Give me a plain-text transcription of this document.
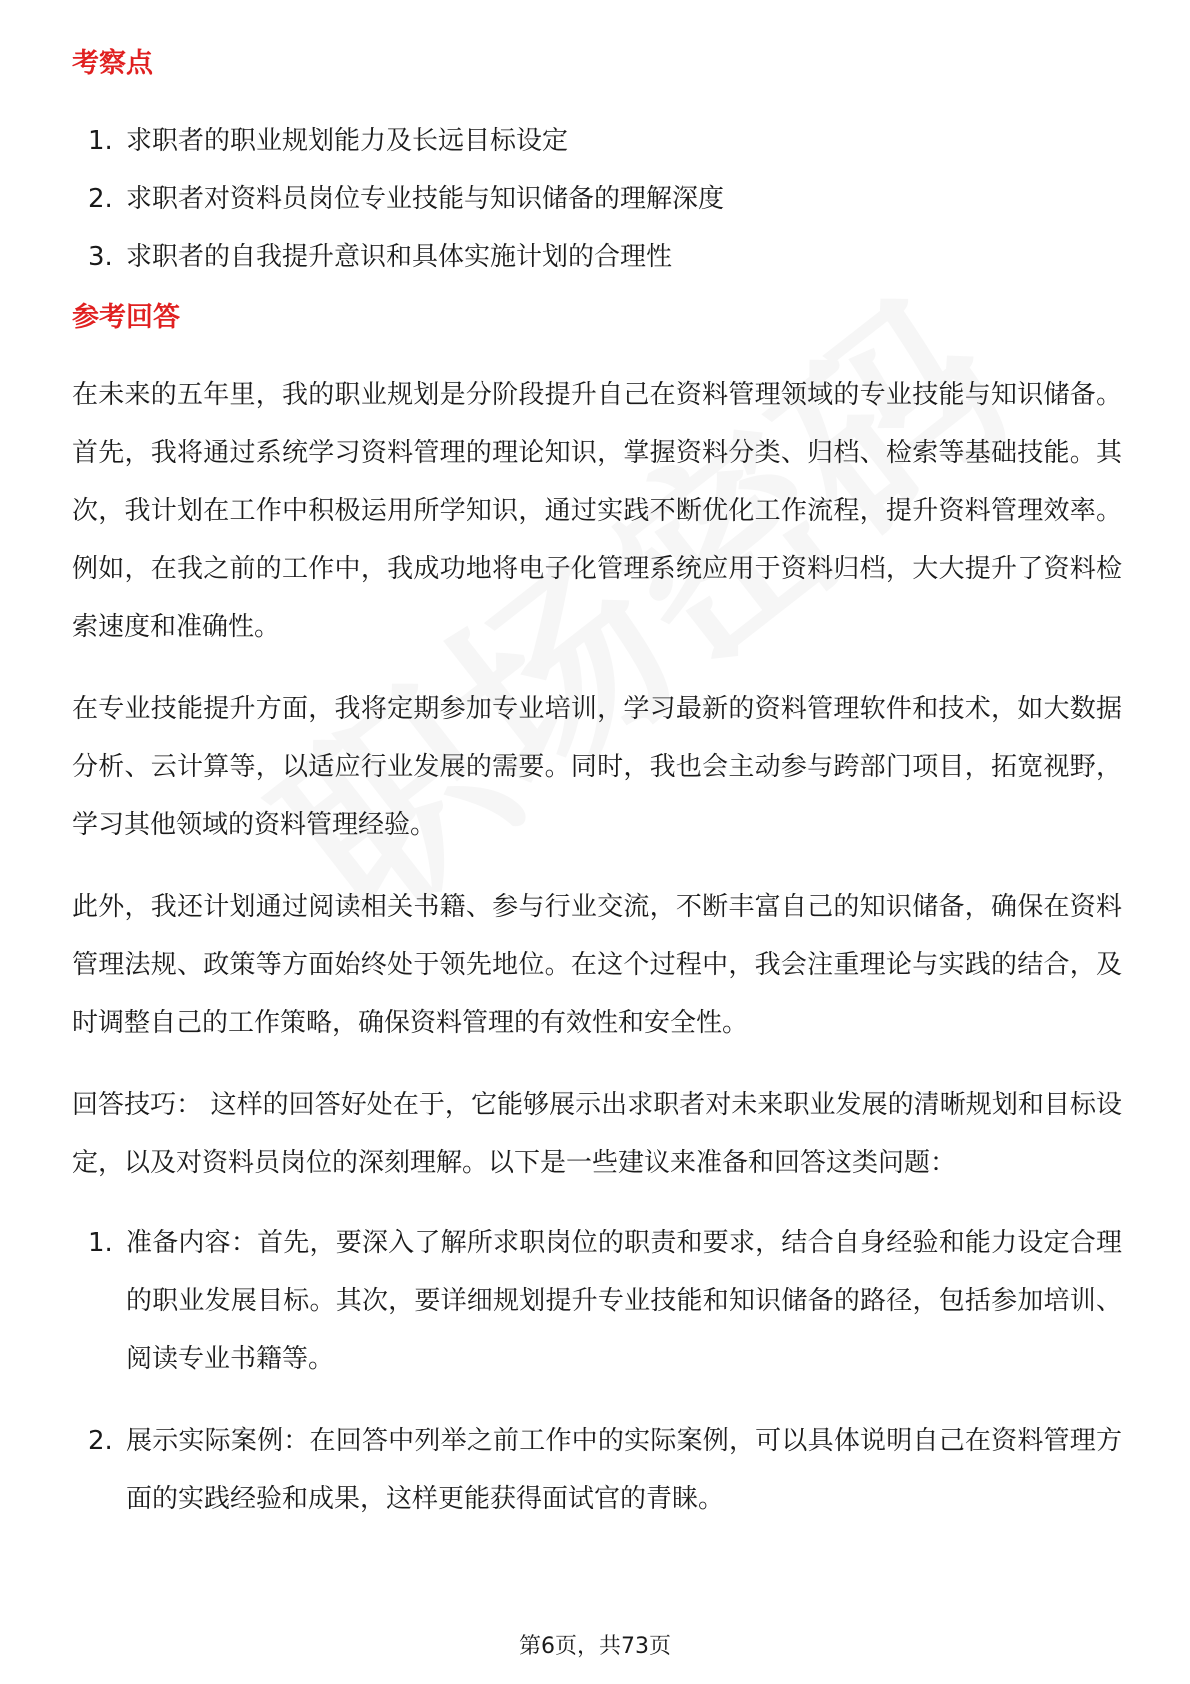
考察点
1. 求职者的职业规划能力及长远目标设定
2. 求职者对资料员岗位专业技能与知识储备的理解深度
3. 求职者的自我提升意识和具体实施计划的合理性
参考回答

在未来的五年里，我的职业规划是分阶段提升自己在资料管理领域的专业技能与知识储备。首先，我将通过系统学习资料管理的理论知识，掌握资料分类、归档、检索等基础技能。其次，我计划在工作中积极运用所学知识，通过实践不断优化工作流程，提升资料管理效率。例如，在我之前的工作中，我成功地将电子化管理系统应用于资料归档，大大提升了资料检索速度和准确性。

在专业技能提升方面，我将定期参加专业培训，学习最新的资料管理软件和技术，如大数据分析、云计算等，以适应行业发展的需要。同时，我也会主动参与跨部门项目，拓宽视野，学习其他领域的资料管理经验。

此外，我还计划通过阅读相关书籍、参与行业交流，不断丰富自己的知识储备，确保在资料管理法规、政策等方面始终处于领先地位。在这个过程中，我会注重理论与实践的结合，及时调整自己的工作策略，确保资料管理的有效性和安全性。

回答技巧： 这样的回答好处在于，它能够展示出求职者对未来职业发展的清晰规划和目标设定，以及对资料员岗位的深刻理解。以下是一些建议来准备和回答这类问题：

1. 准备内容：首先，要深入了解所求职岗位的职责和要求，结合自身经验和能力设定合理的职业发展目标。其次，要详细规划提升专业技能和知识储备的路径，包括参加培训、阅读专业书籍等。
2. 展示实际案例：在回答中列举之前工作中的实际案例，可以具体说明自己在资料管理方面的实践经验和成果，这样更能获得面试官的青睐。
第6页，共73页
